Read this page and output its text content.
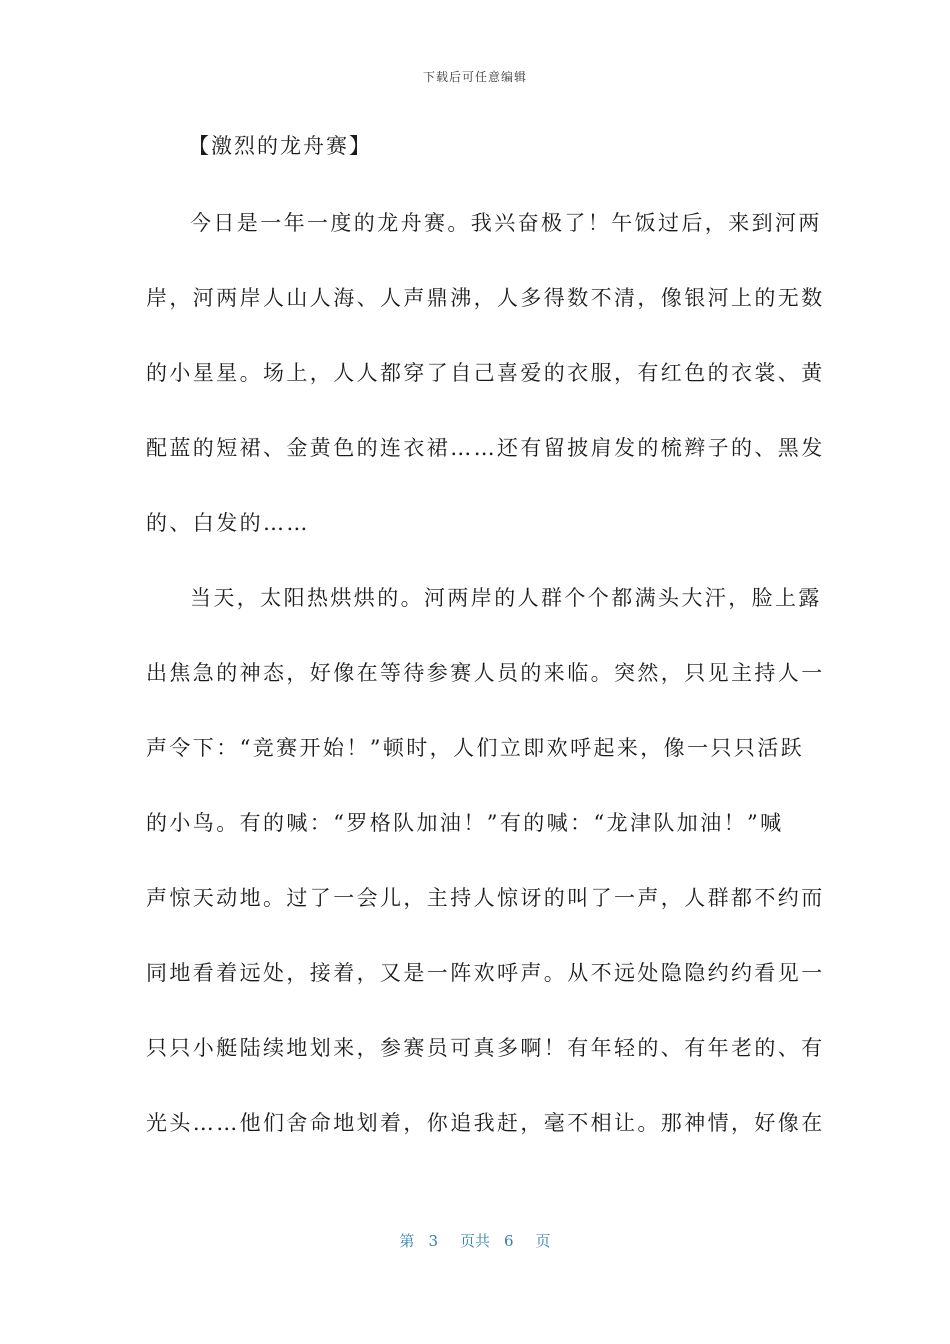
下载后可任意编辑
【激烈的龙舟赛】
今日是一年一度的龙舟赛。我兴奋极了！午饭过后，来到河两
岸，河两岸人山人海、人声鼎沸，人多得数不清，像银河上的无数
的小星星。场上，人人都穿了自己喜爱的衣服，有红色的衣裳、黄
配蓝的短裙、金黄色的连衣裙……还有留披肩发的梳辫子的、黑发
的、白发的……
当天，太阳热烘烘的。河两岸的人群个个都满头大汗，脸上露
出焦急的神态，好像在等待参赛人员的来临。突然，只见主持人一
声令下：“竞赛开始！”顿时，人们立即欢呼起来，像一只只活跃
的小鸟。有的喊：“罗格队加油！”有的喊：“龙津队加油！”喊
声惊天动地。过了一会儿，主持人惊讶的叫了一声，人群都不约而
同地看着远处，接着，又是一阵欢呼声。从不远处隐隐约约看见一
只只小艇陆续地划来，参赛员可真多啊！有年轻的、有年老的、有
光头……他们舍命地划着，你追我赶，毫不相让。那神情，好像在
第 3 页共 6 页
